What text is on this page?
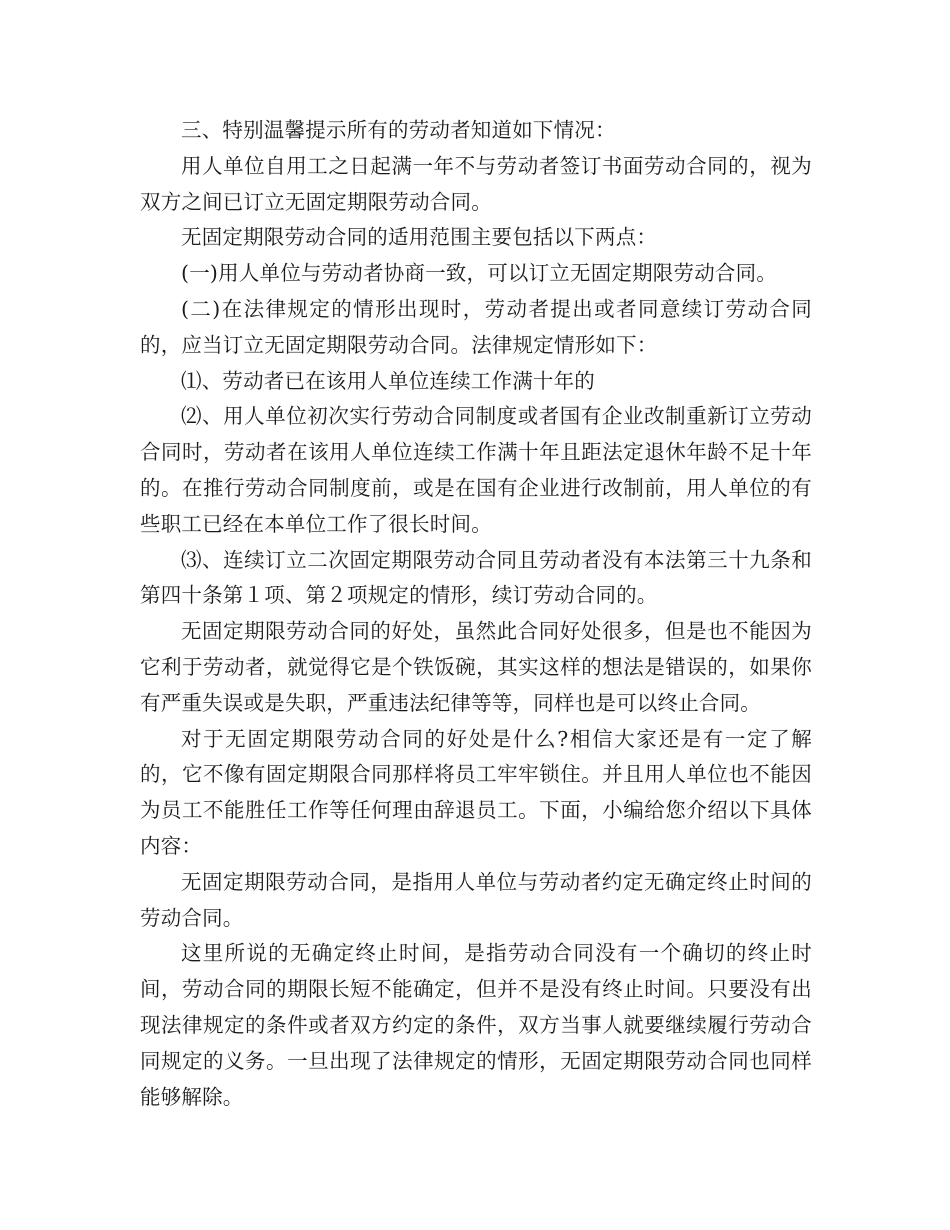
三、特别温馨提示所有的劳动者知道如下情况：

用人单位自用工之日起满一年不与劳动者签订书面劳动合同的，视为双方之间已订立无固定期限劳动合同。

无固定期限劳动合同的适用范围主要包括以下两点：

(一)用人单位与劳动者协商一致，可以订立无固定期限劳动合同。

(二)在法律规定的情形出现时，劳动者提出或者同意续订劳动合同的，应当订立无固定期限劳动合同。法律规定情形如下：

⑴、劳动者已在该用人单位连续工作满十年的

⑵、用人单位初次实行劳动合同制度或者国有企业改制重新订立劳动合同时，劳动者在该用人单位连续工作满十年且距法定退休年龄不足十年的。在推行劳动合同制度前，或是在国有企业进行改制前，用人单位的有些职工已经在本单位工作了很长时间。

⑶、连续订立二次固定期限劳动合同且劳动者没有本法第三十九条和第四十条第１项、第２项规定的情形，续订劳动合同的。

无固定期限劳动合同的好处，虽然此合同好处很多，但是也不能因为它利于劳动者，就觉得它是个铁饭碗，其实这样的想法是错误的，如果你有严重失误或是失职，严重违法纪律等等，同样也是可以终止合同。

对于无固定期限劳动合同的好处是什么?相信大家还是有一定了解的，它不像有固定期限合同那样将员工牢牢锁住。并且用人单位也不能因为员工不能胜任工作等任何理由辞退员工。下面，小编给您介绍以下具体内容：

无固定期限劳动合同，是指用人单位与劳动者约定无确定终止时间的劳动合同。

这里所说的无确定终止时间，是指劳动合同没有一个确切的终止时间，劳动合同的期限长短不能确定，但并不是没有终止时间。只要没有出现法律规定的条件或者双方约定的条件，双方当事人就要继续履行劳动合同规定的义务。一旦出现了法律规定的情形，无固定期限劳动合同也同样能够解除。
